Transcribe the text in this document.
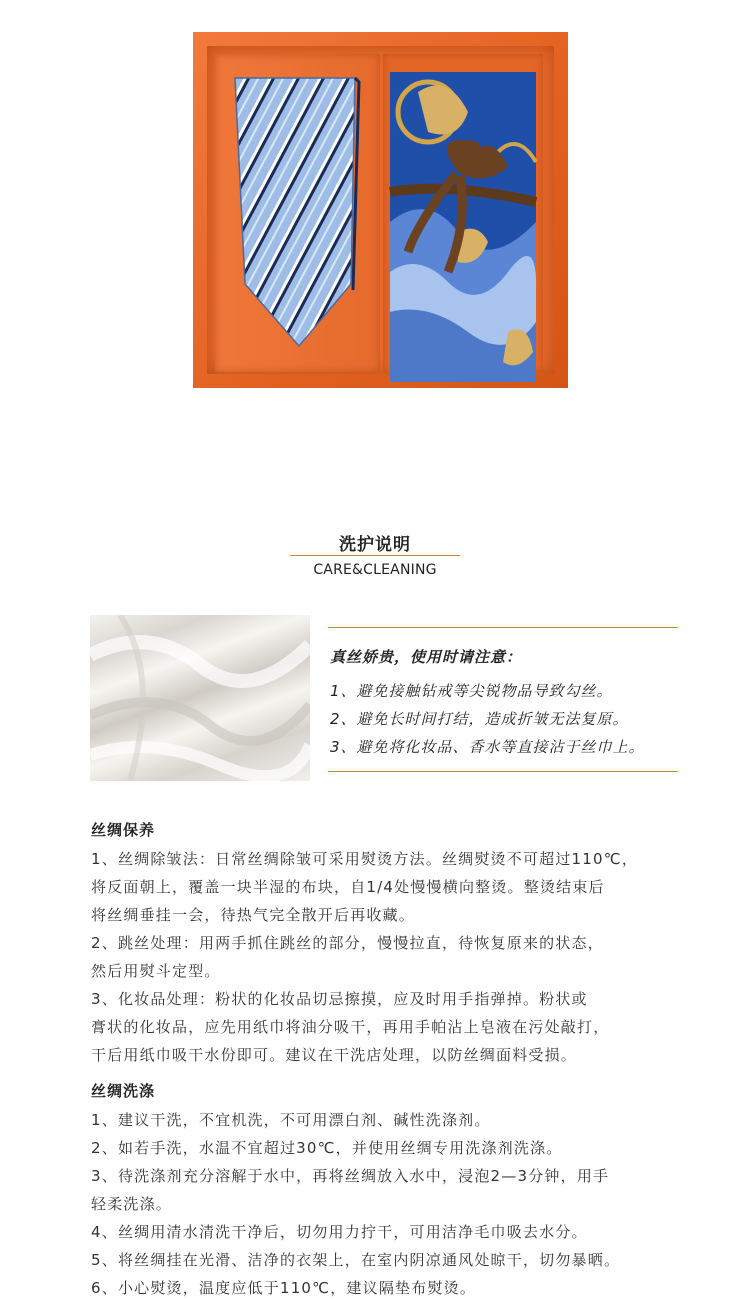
洗护说明
CARE&CLEANING
真丝娇贵，使用时请注意：
1、避免接触钻戒等尖锐物品导致勾丝。
2、避免长时间打结，造成折皱无法复原。
3、避免将化妆品、香水等直接沾于丝巾上。
丝绸保养
1、丝绸除皱法：日常丝绸除皱可采用熨烫方法。丝绸熨烫不可超过110℃，
将反面朝上，覆盖一块半湿的布块，自1/4处慢慢横向整烫。整烫结束后
将丝绸垂挂一会，待热气完全散开后再收藏。
2、跳丝处理：用两手抓住跳丝的部分，慢慢拉直，待恢复原来的状态，
然后用熨斗定型。
3、化妆品处理：粉状的化妆品切忌擦摸，应及时用手指弹掉。粉状或
膏状的化妆品，应先用纸巾将油分吸干，再用手帕沾上皂液在污处敲打，
干后用纸巾吸干水份即可。建议在干洗店处理，以防丝绸面料受损。
丝绸洗涤
1、建议干洗，不宜机洗，不可用漂白剂、碱性洗涤剂。
2、如若手洗，水温不宜超过30℃，并使用丝绸专用洗涤剂洗涤。
3、待洗涤剂充分溶解于水中，再将丝绸放入水中，浸泡2—3分钟，用手
轻柔洗涤。
4、丝绸用清水清洗干净后，切勿用力拧干，可用洁净毛巾吸去水分。
5、将丝绸挂在光滑、洁净的衣架上，在室内阴凉通风处晾干，切勿暴晒。
6、小心熨烫，温度应低于110℃，建议隔垫布熨烫。
